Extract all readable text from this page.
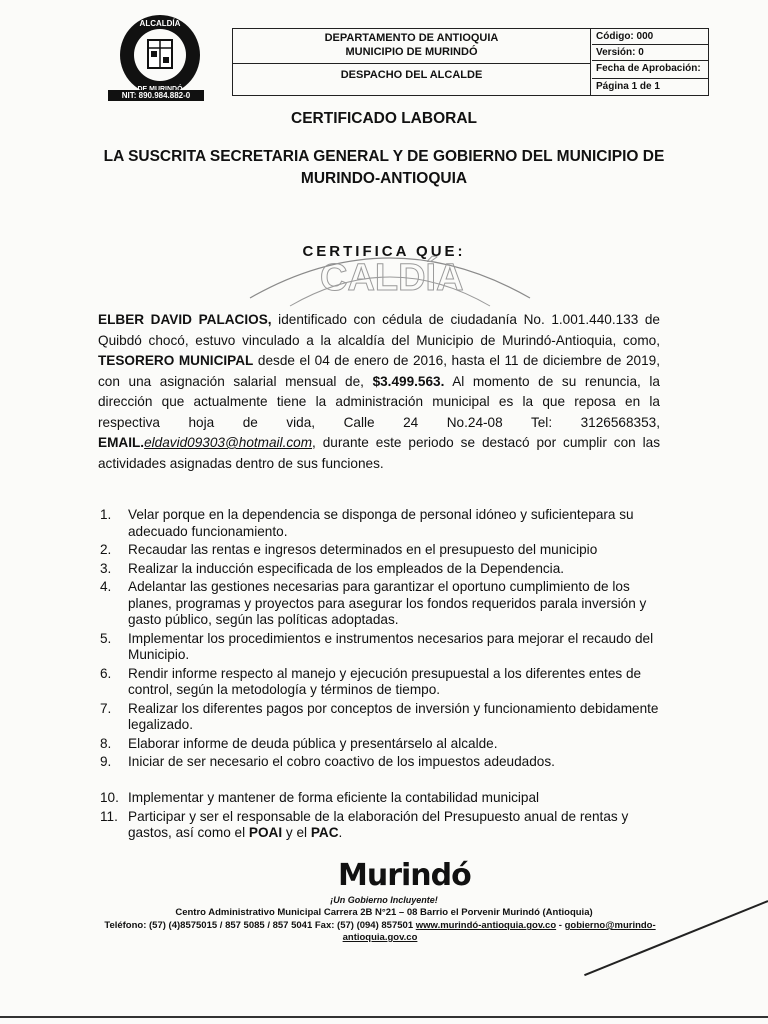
ALCALDÍA
NIT: 890.984.882-0
DEPARTAMENTO DE ANTIOQUIA
MUNICIPIO DE MURINDÓ
DESPACHO DEL ALCALDE
Código: 000
Versión: 0
Fecha de Aprobación:
Página 1 de 1
CERTIFICADO LABORAL
LA SUSCRITA SECRETARIA GENERAL Y DE GOBIERNO DEL MUNICIPIO DE
MURINDO-ANTIOQUIA
CALDÍA
CERTIFICA QUE:
ELBER DAVID PALACIOS, identificado con cédula de ciudadanía No. 1.001.440.133 de Quibdó chocó, estuvo vinculado a la alcaldía del Municipio de Murindó-Antioquia, como, TESORERO MUNICIPAL desde el 04 de enero de 2016, hasta el 11 de diciembre de 2019, con una asignación salarial mensual de, $3.499.563. Al momento de su renuncia, la dirección que actualmente tiene la administración municipal es la que reposa en la respectiva hoja de vida, Calle 24 No.24-08 Tel: 3126568353, EMAIL.eldavid09303@hotmail.com, durante este periodo se destacó por cumplir con las actividades asignadas dentro de sus funciones.
1. Velar porque en la dependencia se disponga de personal idóneo y suficientepara su adecuado funcionamiento.
2. Recaudar las rentas e ingresos determinados en el presupuesto del municipio
3. Realizar la inducción especificada de los empleados de la Dependencia.
4. Adelantar las gestiones necesarias para garantizar el oportuno cumplimiento de los planes, programas y proyectos para asegurar los fondos requeridos parala inversión y gasto público, según las políticas adoptadas.
5. Implementar los procedimientos e instrumentos necesarios para mejorar el recaudo del Municipio.
6. Rendir informe respecto al manejo y ejecución presupuestal a los diferentes entes de control, según la metodología y términos de tiempo.
7. Realizar los diferentes pagos por conceptos de inversión y funcionamiento debidamente legalizado.
8. Elaborar informe de deuda pública y presentárselo al alcalde.
9. Iniciar de ser necesario el cobro coactivo de los impuestos adeudados.
10. Implementar y mantener de forma eficiente la contabilidad municipal
11. Participar y ser el responsable de la elaboración del Presupuesto anual de rentas y gastos, así como el POAI y el PAC.
Murindó
¡Un Gobierno Incluyente!
Centro Administrativo Municipal Carrera 2B N°21 – 08 Barrio el Porvenir Murindó (Antioquia)
Teléfono: (57) (4)8575015 / 857 5085 / 857 5041 Fax: (57) (094) 857501 www.murindó-antioquia.gov.co - gobierno@murindo-
antioquia.gov.co
